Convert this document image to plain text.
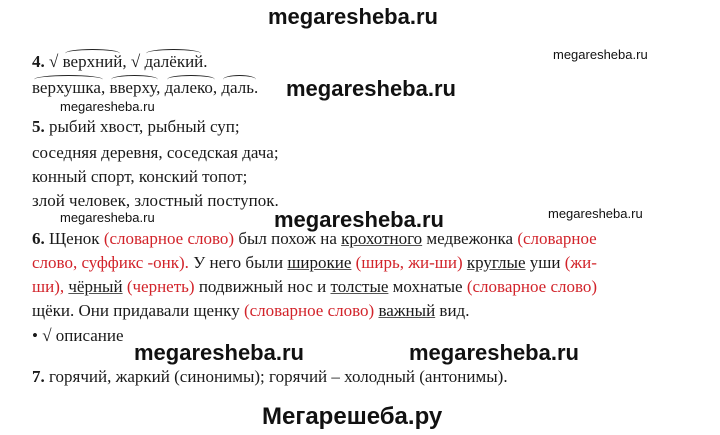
megaresheba.ru
4. √ верхний, √ далёкий.	megaresheba.ru
верхушка, вверху, далеко, даль. megaresheba.ru
megaresheba.ru
5. рыбий хвост, рыбный суп;
соседняя деревня, соседская дача;
конный спорт, конский топот;
злой человек, злостный поступок.
megaresheba.ru	megaresheba.ru	megaresheba.ru
6. Щенок (словарное слово) был похож на крохотного медвежонка (словарное
слово, суффикс -онк). У него были широкие (ширь, жи-ши) круглые уши (жи-
ши), чёрный (чернеть) подвижный нос и толстые мохнатые (словарное слово)
щёки. Они придавали щенку (словарное слово) важный вид.
• √ описание
megaresheba.ru	megaresheba.ru
7. горячий, жаркий (синонимы); горячий – холодный (антонимы).
Мегарешеба.ру
